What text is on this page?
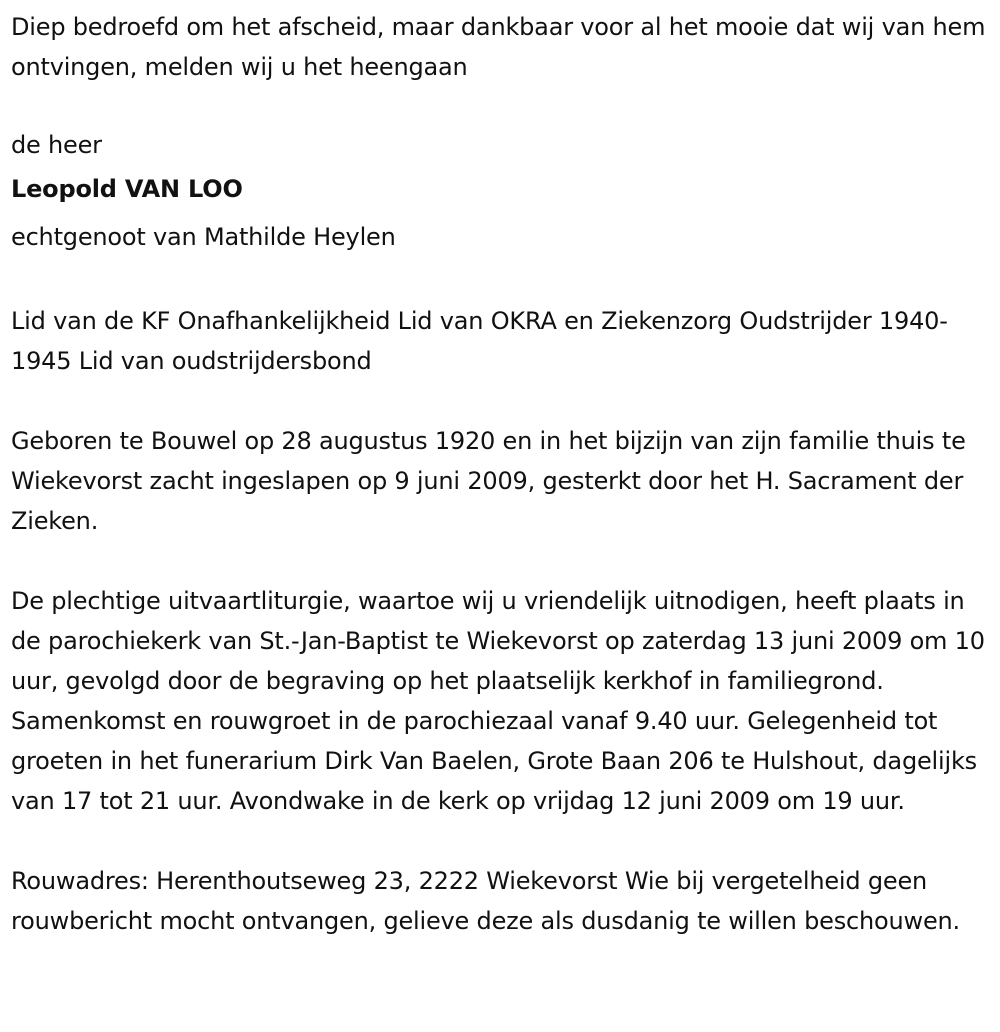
Diep bedroefd om het afscheid, maar dankbaar voor al het mooie dat wij van hem ontvingen, melden wij u het heengaan

de heer
Leopold VAN LOO
echtgenoot van Mathilde Heylen

Lid van de KF Onafhankelijkheid Lid van OKRA en Ziekenzorg Oudstrijder 1940-1945 Lid van oudstrijdersbond

Geboren te Bouwel op 28 augustus 1920 en in het bijzijn van zijn familie thuis te Wiekevorst zacht ingeslapen op 9 juni 2009, gesterkt door het H. Sacrament der Zieken.

De plechtige uitvaartliturgie, waartoe wij u vriendelijk uitnodigen, heeft plaats in de parochiekerk van St.-Jan-Baptist te Wiekevorst op zaterdag 13 juni 2009 om 10 uur, gevolgd door de begraving op het plaatselijk kerkhof in familiegrond. Samenkomst en rouwgroet in de parochiezaal vanaf 9.40 uur. Gelegenheid tot groeten in het funerarium Dirk Van Baelen, Grote Baan 206 te Hulshout, dagelijks van 17 tot 21 uur. Avondwake in de kerk op vrijdag 12 juni 2009 om 19 uur.

Rouwadres: Herenthoutseweg 23, 2222 Wiekevorst Wie bij vergetelheid geen rouwbericht mocht ontvangen, gelieve deze als dusdanig te willen beschouwen.
